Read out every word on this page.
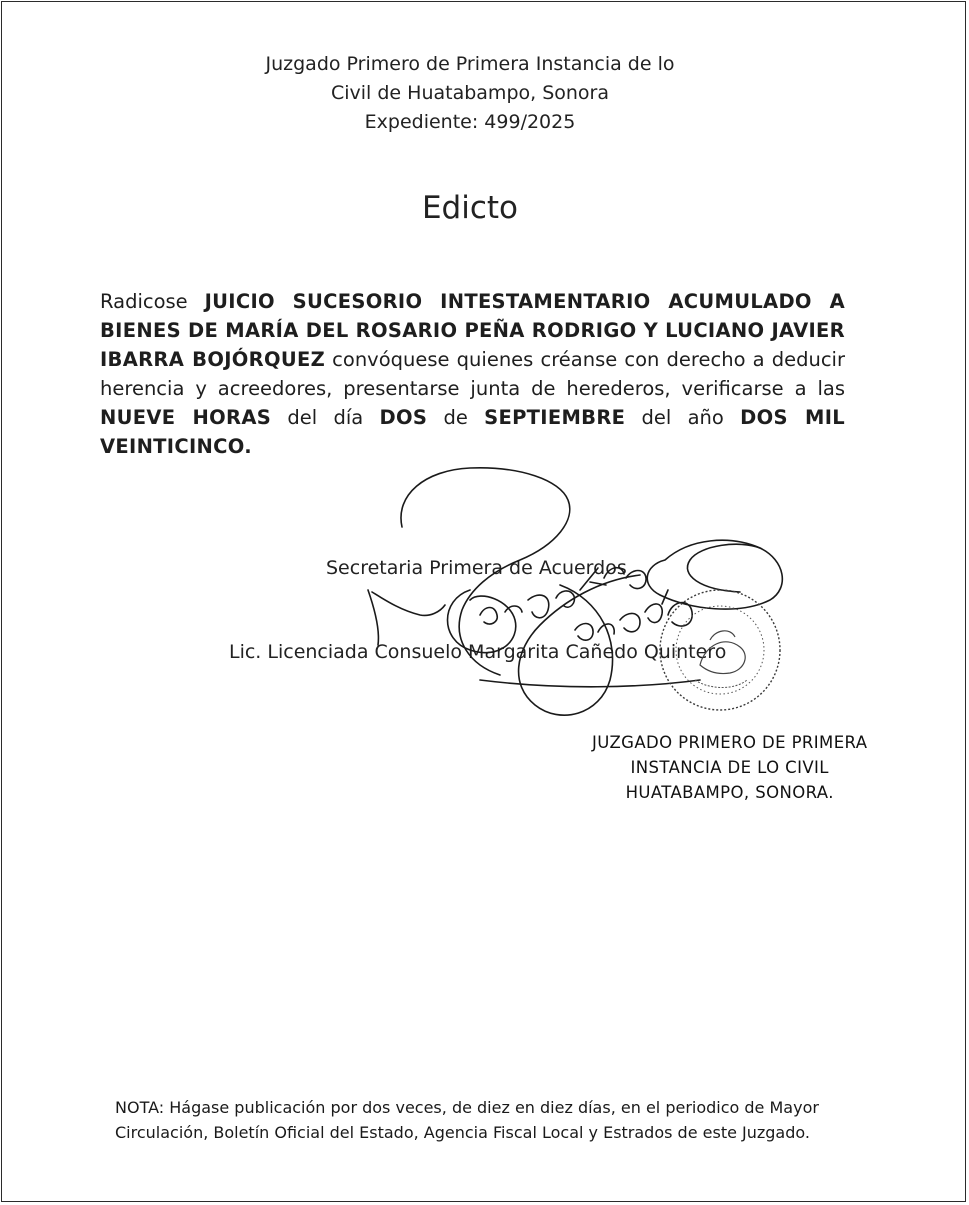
Juzgado Primero de Primera Instancia de lo
Civil de Huatabampo, Sonora
Expediente: 499/2025
Edicto
Radicose JUICIO SUCESORIO INTESTAMENTARIO ACUMULADO A BIENES DE MARÍA DEL ROSARIO PEÑA RODRIGO Y LUCIANO JAVIER IBARRA BOJÓRQUEZ convóquese quienes créanse con derecho a deducir herencia y acreedores, presentarse junta de herederos, verificarse a las NUEVE HORAS del día DOS de SEPTIEMBRE del año DOS MIL VEINTICINCO.
Secretaria Primera de Acuerdos
Lic. Licenciada Consuelo Margarita Cañedo Quintero
JUZGADO PRIMERO DE PRIMERA
INSTANCIA DE LO CIVIL
HUATABAMPO, SONORA.
NOTA: Hágase publicación por dos veces, de diez en diez días, en el periodico de Mayor
Circulación, Boletín Oficial del Estado, Agencia Fiscal Local y Estrados de este Juzgado.
